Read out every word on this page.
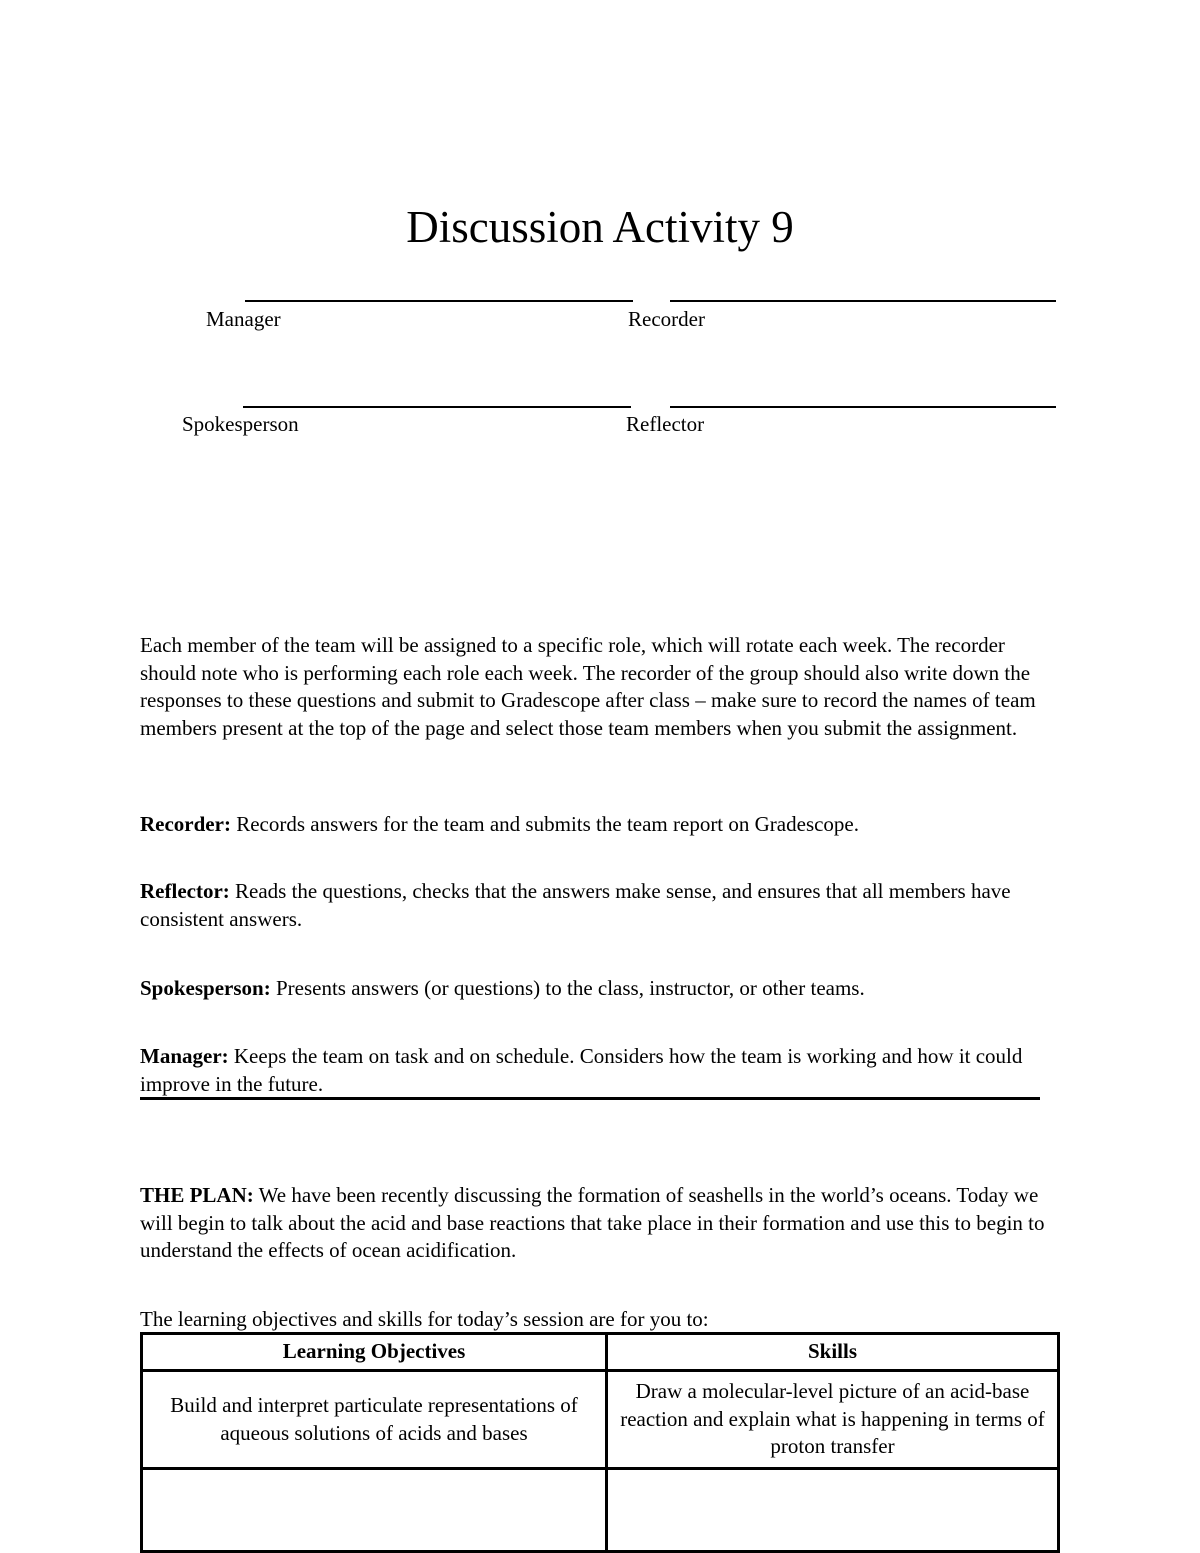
Discussion Activity 9
Manager	Recorder
Spokesperson	Reflector
Each member of the team will be assigned to a specific role, which will rotate each week. The recorder should note who is performing each role each week. The recorder of the group should also write down the responses to these questions and submit to Gradescope after class – make sure to record the names of team members present at the top of the page and select those team members when you submit the assignment.
Recorder: Records answers for the team and submits the team report on Gradescope.
Reflector: Reads the questions, checks that the answers make sense, and ensures that all members have consistent answers.
Spokesperson: Presents answers (or questions) to the class, instructor, or other teams.
Manager: Keeps the team on task and on schedule. Considers how the team is working and how it could improve in the future.
THE PLAN: We have been recently discussing the formation of seashells in the world’s oceans. Today we will begin to talk about the acid and base reactions that take place in their formation and use this to begin to understand the effects of ocean acidification.
The learning objectives and skills for today’s session are for you to:
Learning Objectives	Skills
Build and interpret particulate representations of aqueous solutions of acids and bases	Draw a molecular-level picture of an acid-base reaction and explain what is happening in terms of proton transfer
